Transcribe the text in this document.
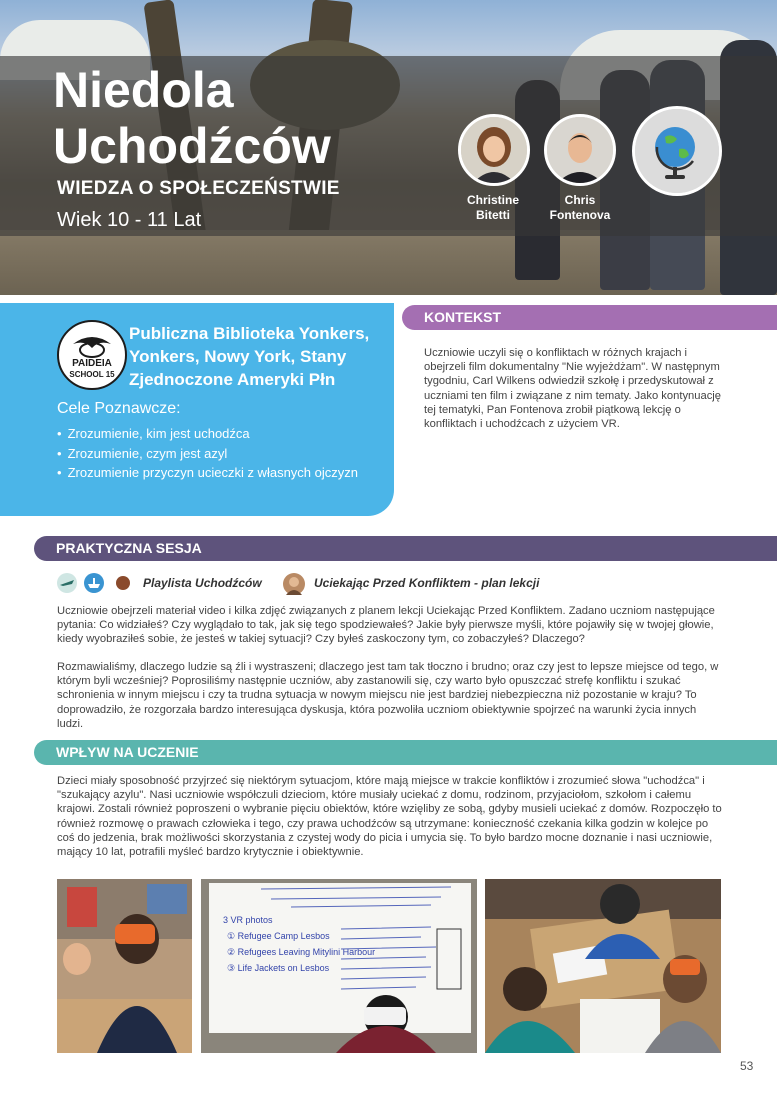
Niedola
Uchodźców
WIEDZA O SPOŁECZEŃSTWIE
Wiek 10 - 11 Lat
Christine
Bitetti
Chris
Fontenova
PAIDEIA
SCHOOL 15
Publiczna Biblioteka Yonkers, Yonkers, Nowy York, Stany Zjednoczone Ameryki Płn
Cele Poznawcze:
• Zrozumienie, kim jest uchodźca
• Zrozumienie, czym jest azyl
• Zrozumienie przyczyn ucieczki z własnych ojczyzn
KONTEKST
Uczniowie uczyli się o konfliktach w różnych krajach i obejrzeli film dokumentalny "Nie wyjeżdżam". W następnym tygodniu, Carl Wilkens odwiedził szkołę i przedyskutował z uczniami ten film i związane z nim tematy. Jako kontynuację tej tematyki, Pan Fontenova zrobił piątkową lekcję o konfliktach i uchodźcach z użyciem VR.
PRAKTYCZNA SESJA
Playlista Uchodźców	Uciekając Przed Konfliktem - plan lekcji
Uczniowie obejrzeli materiał video i kilka zdjęć związanych z planem lekcji Uciekając Przed Konfliktem. Zadano uczniom następujące pytania: Co widziałeś? Czy wyglądało to tak, jak się tego spodziewałeś? Jakie były pierwsze myśli, które pojawiły się w twojej głowie, kiedy wyobraziłeś sobie, że jesteś w takiej sytuacji? Czy byłeś zaskoczony tym, co zobaczyłeś? Dlaczego?
Rozmawialiśmy, dlaczego ludzie są źli i wystraszeni; dlaczego jest tam tak tłoczno i brudno; oraz czy jest to lepsze miejsce od tego, w którym byli wcześniej? Poprosiliśmy następnie uczniów, aby zastanowili się, czy warto było opuszczać strefę konfliktu i szukać schronienia w innym miejscu i czy ta trudna sytuacja w nowym miejscu nie jest bardziej niebezpieczna niż pozostanie w kraju? To doprowadziło, że rozgorzała bardzo interesująca dyskusja, która pozwoliła uczniom obiektywnie spojrzeć na warunki życia innych ludzi.
WPŁYW NA UCZENIE
Dzieci miały sposobność przyjrzeć się niektórym sytuacjom, które mają miejsce w trakcie konfliktów i zrozumieć słowa "uchodźca" i "szukający azylu". Nasi uczniowie współczuli dzieciom, które musiały uciekać z domu, rodzinom, przyjaciołom, szkołom i całemu krajowi. Zostali również poproszeni o wybranie pięciu obiektów, które wzięliby ze sobą, gdyby musieli uciekać z domów. Rozpoczęło to również rozmowę o prawach człowieka i tego, czy prawa uchodźców są utrzymane: konieczność czekania kilka godzin w kolejce po coś do jedzenia, brak możliwości skorzystania z czystej wody do picia i umycia się. To było bardzo mocne doznanie i nasi uczniowie, mający 10 lat, potrafili myśleć bardzo krytycznie i obiektywnie.
3 VR photos
① Refugee Camp Lesbos
② Refugees Leaving Mitylini Harbour
③ Life Jackets on Lesbos
53
